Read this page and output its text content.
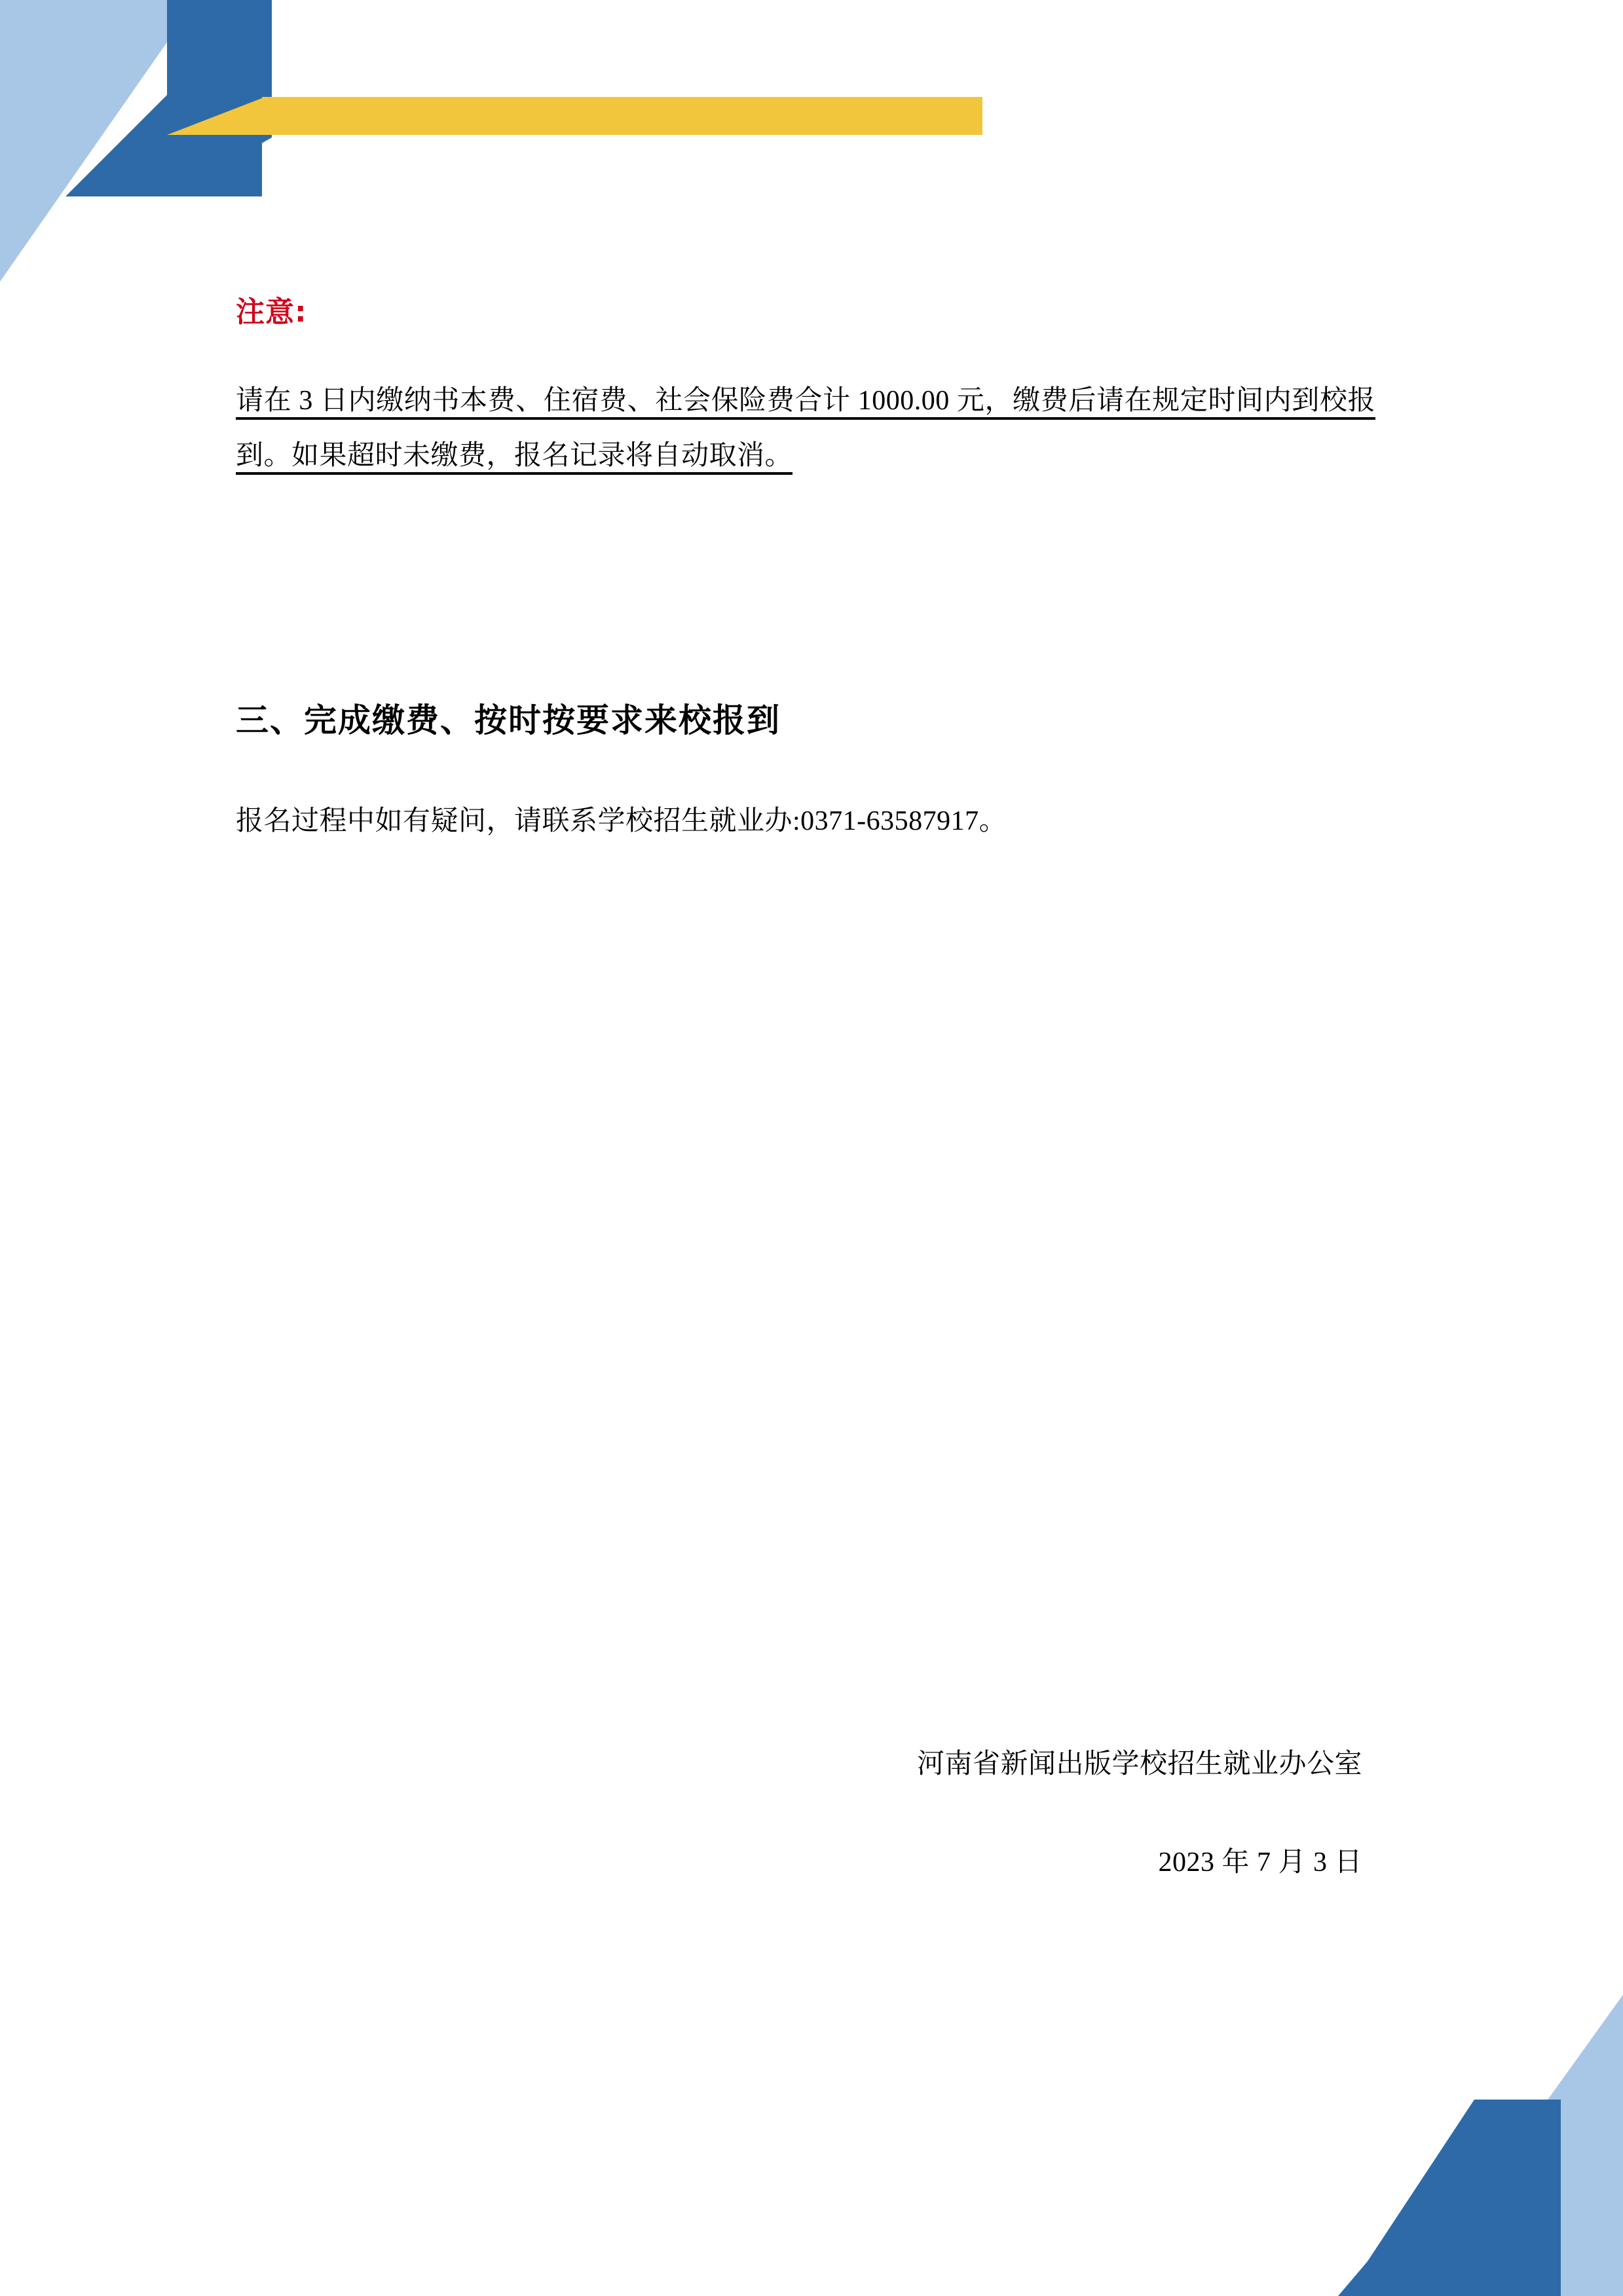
注意:
请在 3 日内缴纳书本费、住宿费、社会保险费合计 1000.00 元，缴费后请在规定时间内到校报到。如果超时未缴费，报名记录将自动取消。
三、完成缴费、按时按要求来校报到
报名过程中如有疑问，请联系学校招生就业办:0371-63587917。
河南省新闻出版学校招生就业办公室
2023 年 7 月 3 日
